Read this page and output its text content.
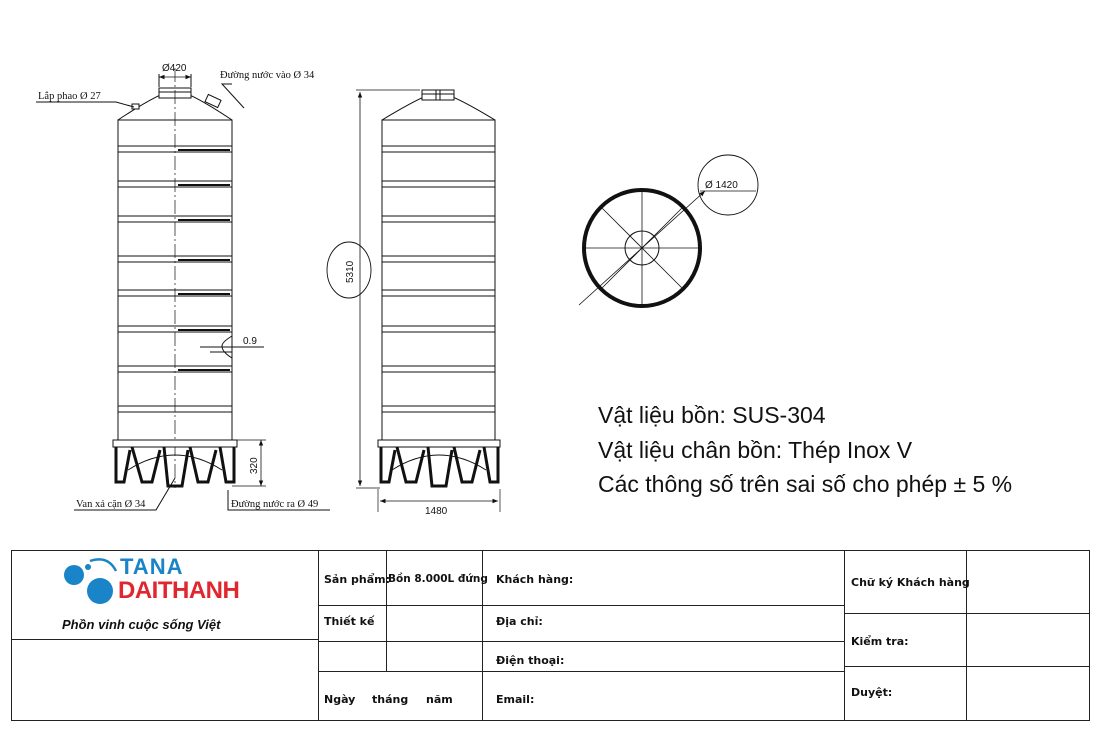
Ø420
Đường nước vào Ø 34
Lắp phao Ø 27
0.9
320
Van xả cặn Ø 34	Đường nước ra Ø 49
5310
1480
Ø 1420
Vật liệu bồn: SUS-304
Vật liệu chân bồn: Thép Inox V
Các thông số trên sai số cho phép ± 5 %
TANA
DAITHANH
Phồn vinh cuộc sống Việt
Sản phẩm:
Bồn 8.000L đứng
Thiết kế
Ngày tháng năm
Khách hàng:
Địa chỉ:
Điện thoại:
Email:
Chữ ký Khách hàng
Kiểm tra:
Duyệt:
